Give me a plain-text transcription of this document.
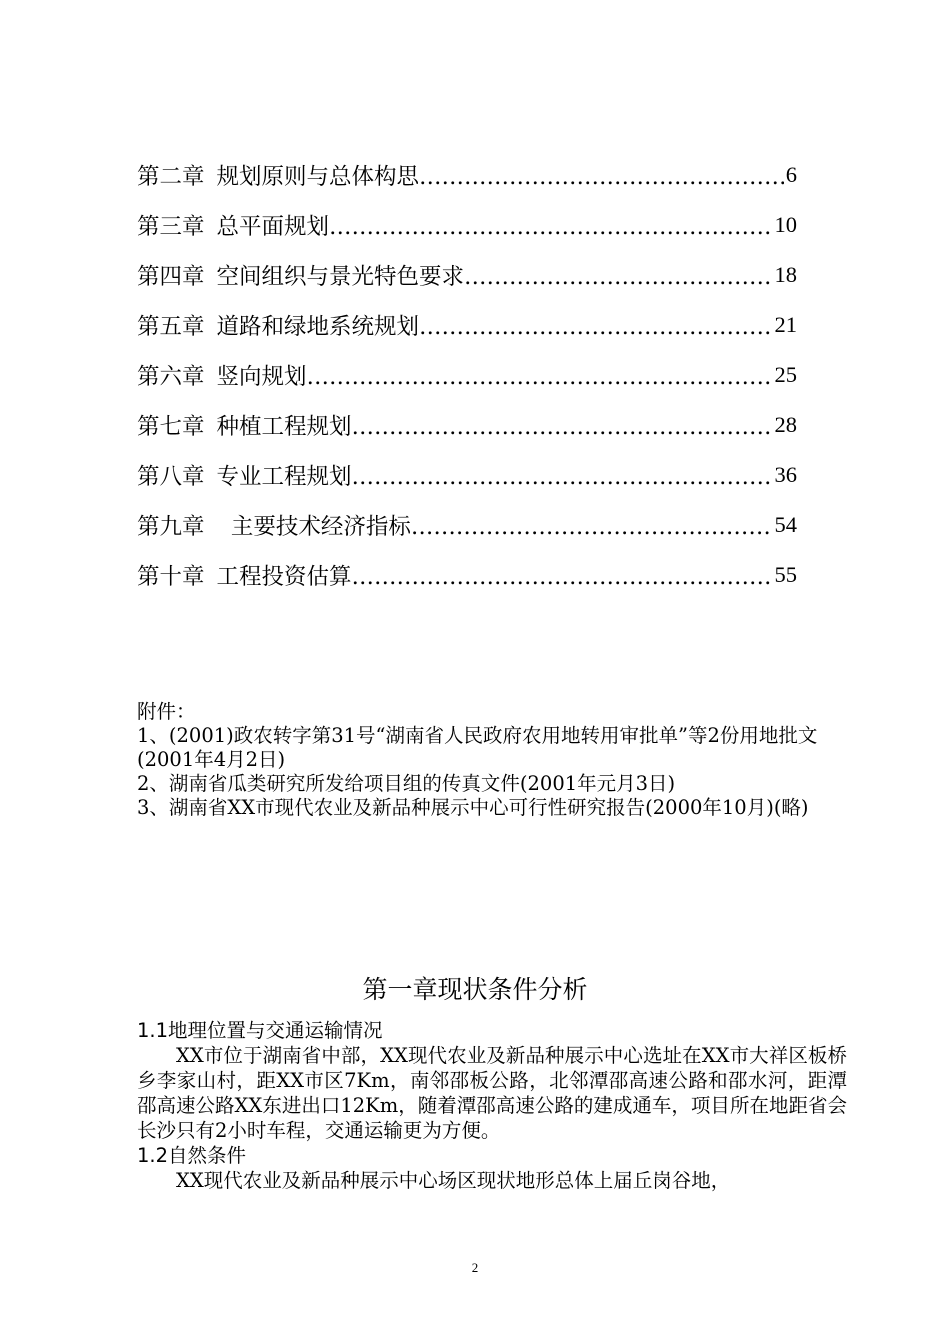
第二章 规划原则与总体构思 …………………………………………………………………………………………………………	6
第三章 总平面规划 …………………………………………………………………………………………………………	10
第四章 空间组织与景光特色要求 …………………………………………………………………………………………………………	18
第五章 道路和绿地系统规划 …………………………………………………………………………………………………………	21
第六章 竖向规划 …………………………………………………………………………………………………………	25
第七章 种植工程规划 …………………………………………………………………………………………………………	28
第八章 专业工程规划 …………………………………………………………………………………………………………	36
第九章 主要技术经济指标 …………………………………………………………………………………………………………	54
第十章 工程投资估算 …………………………………………………………………………………………………………	55

附件：

1、(2001)政农转字第31号“湖南省人民政府农用地转用审批单”等2份用地批文  (2001年4月2日)

2、湖南省瓜类研究所发给项目组的传真文件(2001年元月3日)

3、湖南省XX市现代农业及新品种展示中心可行性研究报告(2000年10月)(略)

第一章现状条件分析
1.1地理位置与交通运输情况

XX市位于湖南省中部，XX现代农业及新品种展示中心选址在XX市大祥区板桥乡李家山村，距XX市区7Km，南邻邵板公路，北邻潭邵高速公路和邵水河，距潭邵高速公路XX东进出口12Km，随着潭邵高速公路的建成通车，项目所在地距省会长沙只有2小时车程，交通运输更为方便。

1.2自然条件

XX现代农业及新品种展示中心场区现状地形总体上届丘岗谷地，

2
